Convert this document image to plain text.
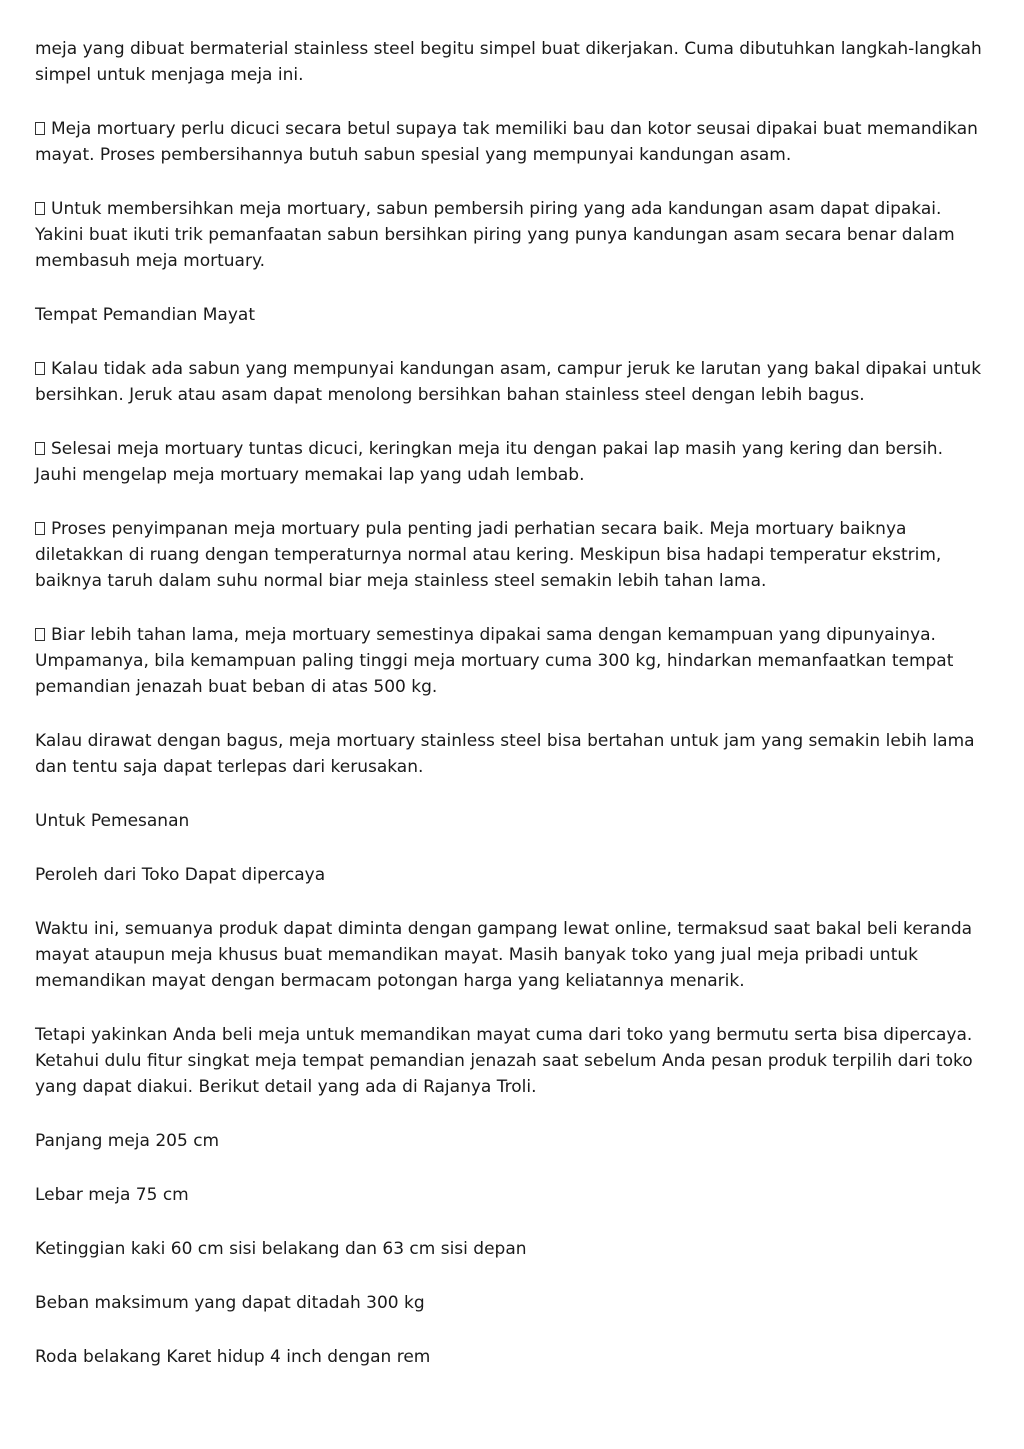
meja yang dibuat bermaterial stainless steel begitu simpel buat dikerjakan. Cuma dibutuhkan langkah-langkah simpel untuk menjaga meja ini.

Meja mortuary perlu dicuci secara betul supaya tak memiliki bau dan kotor seusai dipakai buat memandikan mayat. Proses pembersihannya butuh sabun spesial yang mempunyai kandungan asam.

Untuk membersihkan meja mortuary, sabun pembersih piring yang ada kandungan asam dapat dipakai. Yakini buat ikuti trik pemanfaatan sabun bersihkan piring yang punya kandungan asam secara benar dalam membasuh meja mortuary.

Tempat Pemandian Mayat

Kalau tidak ada sabun yang mempunyai kandungan asam, campur jeruk ke larutan yang bakal dipakai untuk bersihkan. Jeruk atau asam dapat menolong bersihkan bahan stainless steel dengan lebih bagus.

Selesai meja mortuary tuntas dicuci, keringkan meja itu dengan pakai lap masih yang kering dan bersih. Jauhi mengelap meja mortuary memakai lap yang udah lembab.

Proses penyimpanan meja mortuary pula penting jadi perhatian secara baik. Meja mortuary baiknya diletakkan di ruang dengan temperaturnya normal atau kering. Meskipun bisa hadapi temperatur ekstrim, baiknya taruh dalam suhu normal biar meja stainless steel semakin lebih tahan lama.

Biar lebih tahan lama, meja mortuary semestinya dipakai sama dengan kemampuan yang dipunyainya. Umpamanya, bila kemampuan paling tinggi meja mortuary cuma 300 kg, hindarkan memanfaatkan tempat pemandian jenazah buat beban di atas 500 kg.

Kalau dirawat dengan bagus, meja mortuary stainless steel bisa bertahan untuk jam yang semakin lebih lama dan tentu saja dapat terlepas dari kerusakan.

Untuk Pemesanan

Peroleh dari Toko Dapat dipercaya

Waktu ini, semuanya produk dapat diminta dengan gampang lewat online, termaksud saat bakal beli keranda mayat ataupun meja khusus buat memandikan mayat. Masih banyak toko yang jual meja pribadi untuk memandikan mayat dengan bermacam potongan harga yang keliatannya menarik.

Tetapi yakinkan Anda beli meja untuk memandikan mayat cuma dari toko yang bermutu serta bisa dipercaya. Ketahui dulu fitur singkat meja tempat pemandian jenazah saat sebelum Anda pesan produk terpilih dari toko yang dapat diakui. Berikut detail yang ada di Rajanya Troli.

Panjang meja 205 cm

Lebar meja 75 cm

Ketinggian kaki 60 cm sisi belakang dan 63 cm sisi depan

Beban maksimum yang dapat ditadah 300 kg

Roda belakang Karet hidup 4 inch dengan rem
